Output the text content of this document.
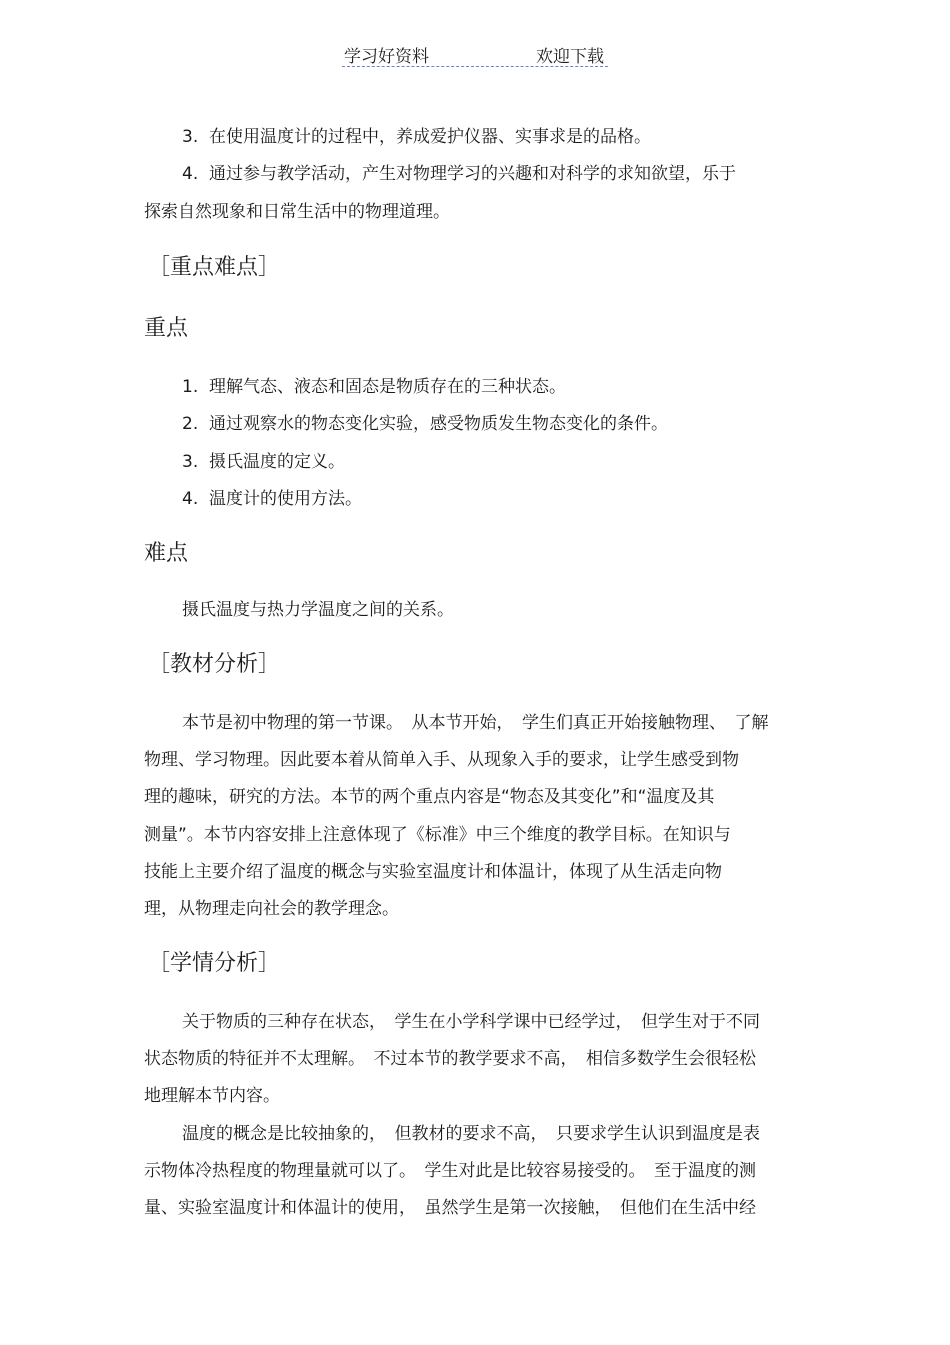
学习好资料	欢迎下载
3. 在使用温度计的过程中，养成爱护仪器、实事求是的品格。
4. 通过参与教学活动，产生对物理学习的兴趣和对科学的求知欲望，乐于
探索自然现象和日常生活中的物理道理。
［重点难点］
重点
1. 理解气态、液态和固态是物质存在的三种状态。
2. 通过观察水的物态变化实验，感受物质发生物态变化的条件。
3. 摄氏温度的定义。
4. 温度计的使用方法。
难点
摄氏温度与热力学温度之间的关系。
［教材分析］
本节是初中物理的第一节课。　从本节开始，　学生们真正开始接触物理、　了解
物理、学习物理。因此要本着从简单入手、从现象入手的要求，让学生感受到物
理的趣味，研究的方法。本节的两个重点内容是“物态及其变化”和“温度及其
测量”。本节内容安排上注意体现了《标准》中三个维度的教学目标。在知识与
技能上主要介绍了温度的概念与实验室温度计和体温计，体现了从生活走向物
理，从物理走向社会的教学理念。
［学情分析］
关于物质的三种存在状态，　学生在小学科学课中已经学过，　但学生对于不同
状态物质的特征并不太理解。　不过本节的教学要求不高，　相信多数学生会很轻松
地理解本节内容。
温度的概念是比较抽象的，　但教材的要求不高，　只要求学生认识到温度是表
示物体冷热程度的物理量就可以了。　学生对此是比较容易接受的。　至于温度的测
量、实验室温度计和体温计的使用，　虽然学生是第一次接触，　但他们在生活中经
